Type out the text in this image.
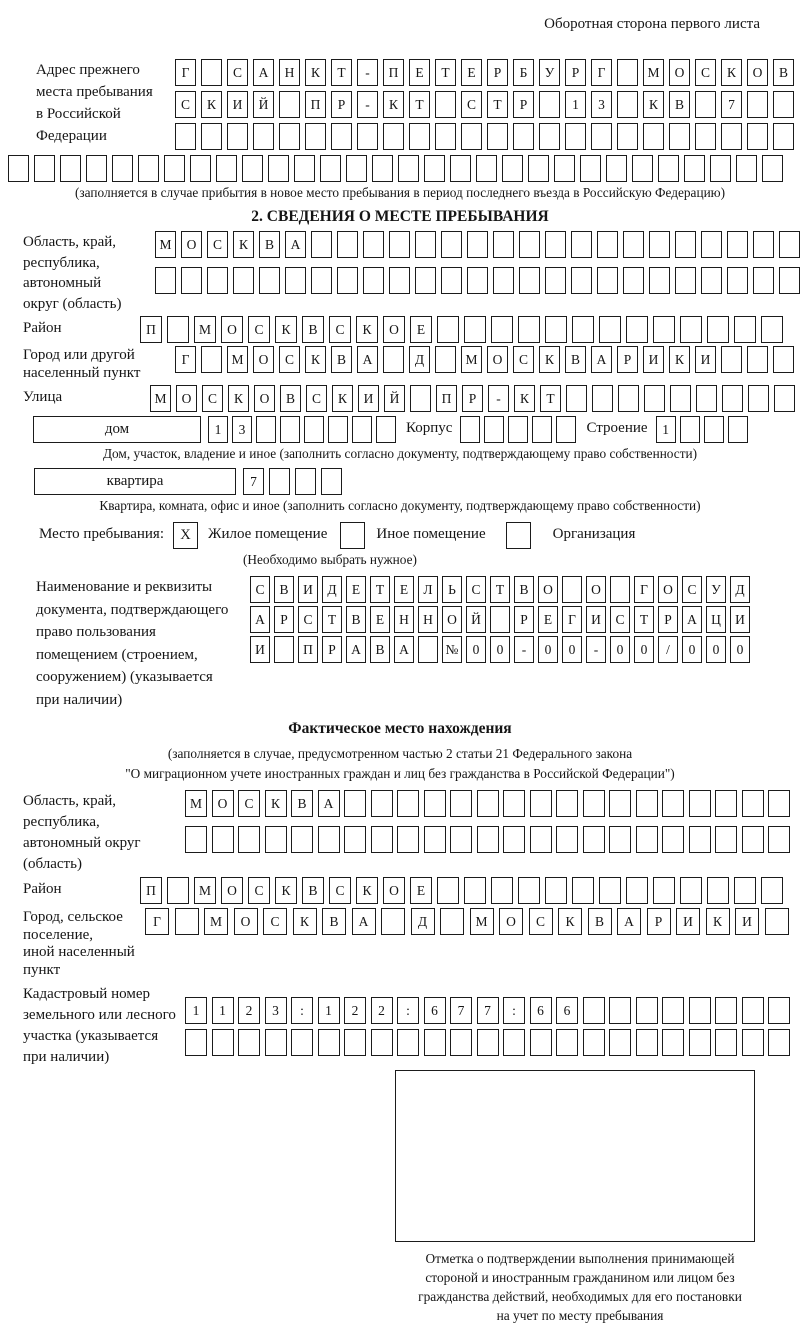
Оборотная сторона первого листа
Адрес прежнего
места пребывания
в Российской
Федерации
Г	С	А	Н	К	Т	-	П	Е	Т	Е	Р	Б	У	Р	Г	М	О	С	К	О	В
С	К	И	Й	П	Р	-	К	Т	С	Т	Р	1	3	К	В	7
(заполняется в случае прибытия в новое место пребывания в период последнего въезда в Российскую Федерацию)
2. СВЕДЕНИЯ О МЕСТЕ ПРЕБЫВАНИЯ
Область, край,
республика,
автономный
округ (область)
М	О	С	К	В	А
Район	П	М	О	С	К	В	С	К	О	Е
Город или другой
населенный пункт
Г	М	О	С	К	В	А	Д	М	О	С	К	В	А	Р	И	К	И
Улица	М	О	С	К	О	В	С	К	И	Й	П	Р	-	К	Т
дом	1	3	Корпус	Строение	1
Дом, участок, владение и иное (заполнить согласно документу, подтверждающему право собственности)
квартира	7
Квартира, комната, офис и иное (заполнить согласно документу, подтверждающему право собственности)
Место пребывания:	X	Жилое помещение	Иное помещение	Организация
(Необходимо выбрать нужное)
Наименование и реквизиты
документа, подтверждающего
право пользования
помещением (строением,
сооружением) (указывается
при наличии)
С	В	И	Д	Е	Т	Е	Л	Ь	С	Т	В	О	О	Г	О	С	У	Д
А	Р	С	Т	В	Е	Н	Н	О	Й	Р	Е	Г	И	С	Т	Р	А	Ц	И
И	П	Р	А	В	А	№	0	0	-	0	0	-	0	0	/	0	0	0
Фактическое место нахождения
(заполняется в случае, предусмотренном частью 2 статьи 21 Федерального закона
"О миграционном учете иностранных граждан и лиц без гражданства в Российской Федерации")
Область, край,
республика,
автономный округ
(область)
М	О	С	К	В	А
Район	П	М	О	С	К	В	С	К	О	Е
Город, сельское поселение,
иной населенный пункт
Г	М	О	С	К	В	А	Д	М	О	С	К	В	А	Р	И	К	И
Кадастровый номер
земельного или лесного
участка (указывается
при наличии)
1	1	2	3	:	1	2	2	:	6	7	7	:	6	6
Отметка о подтверждении выполнения принимающей
стороной и иностранным гражданином или лицом без
гражданства действий, необходимых для его постановки
на учет по месту пребывания
